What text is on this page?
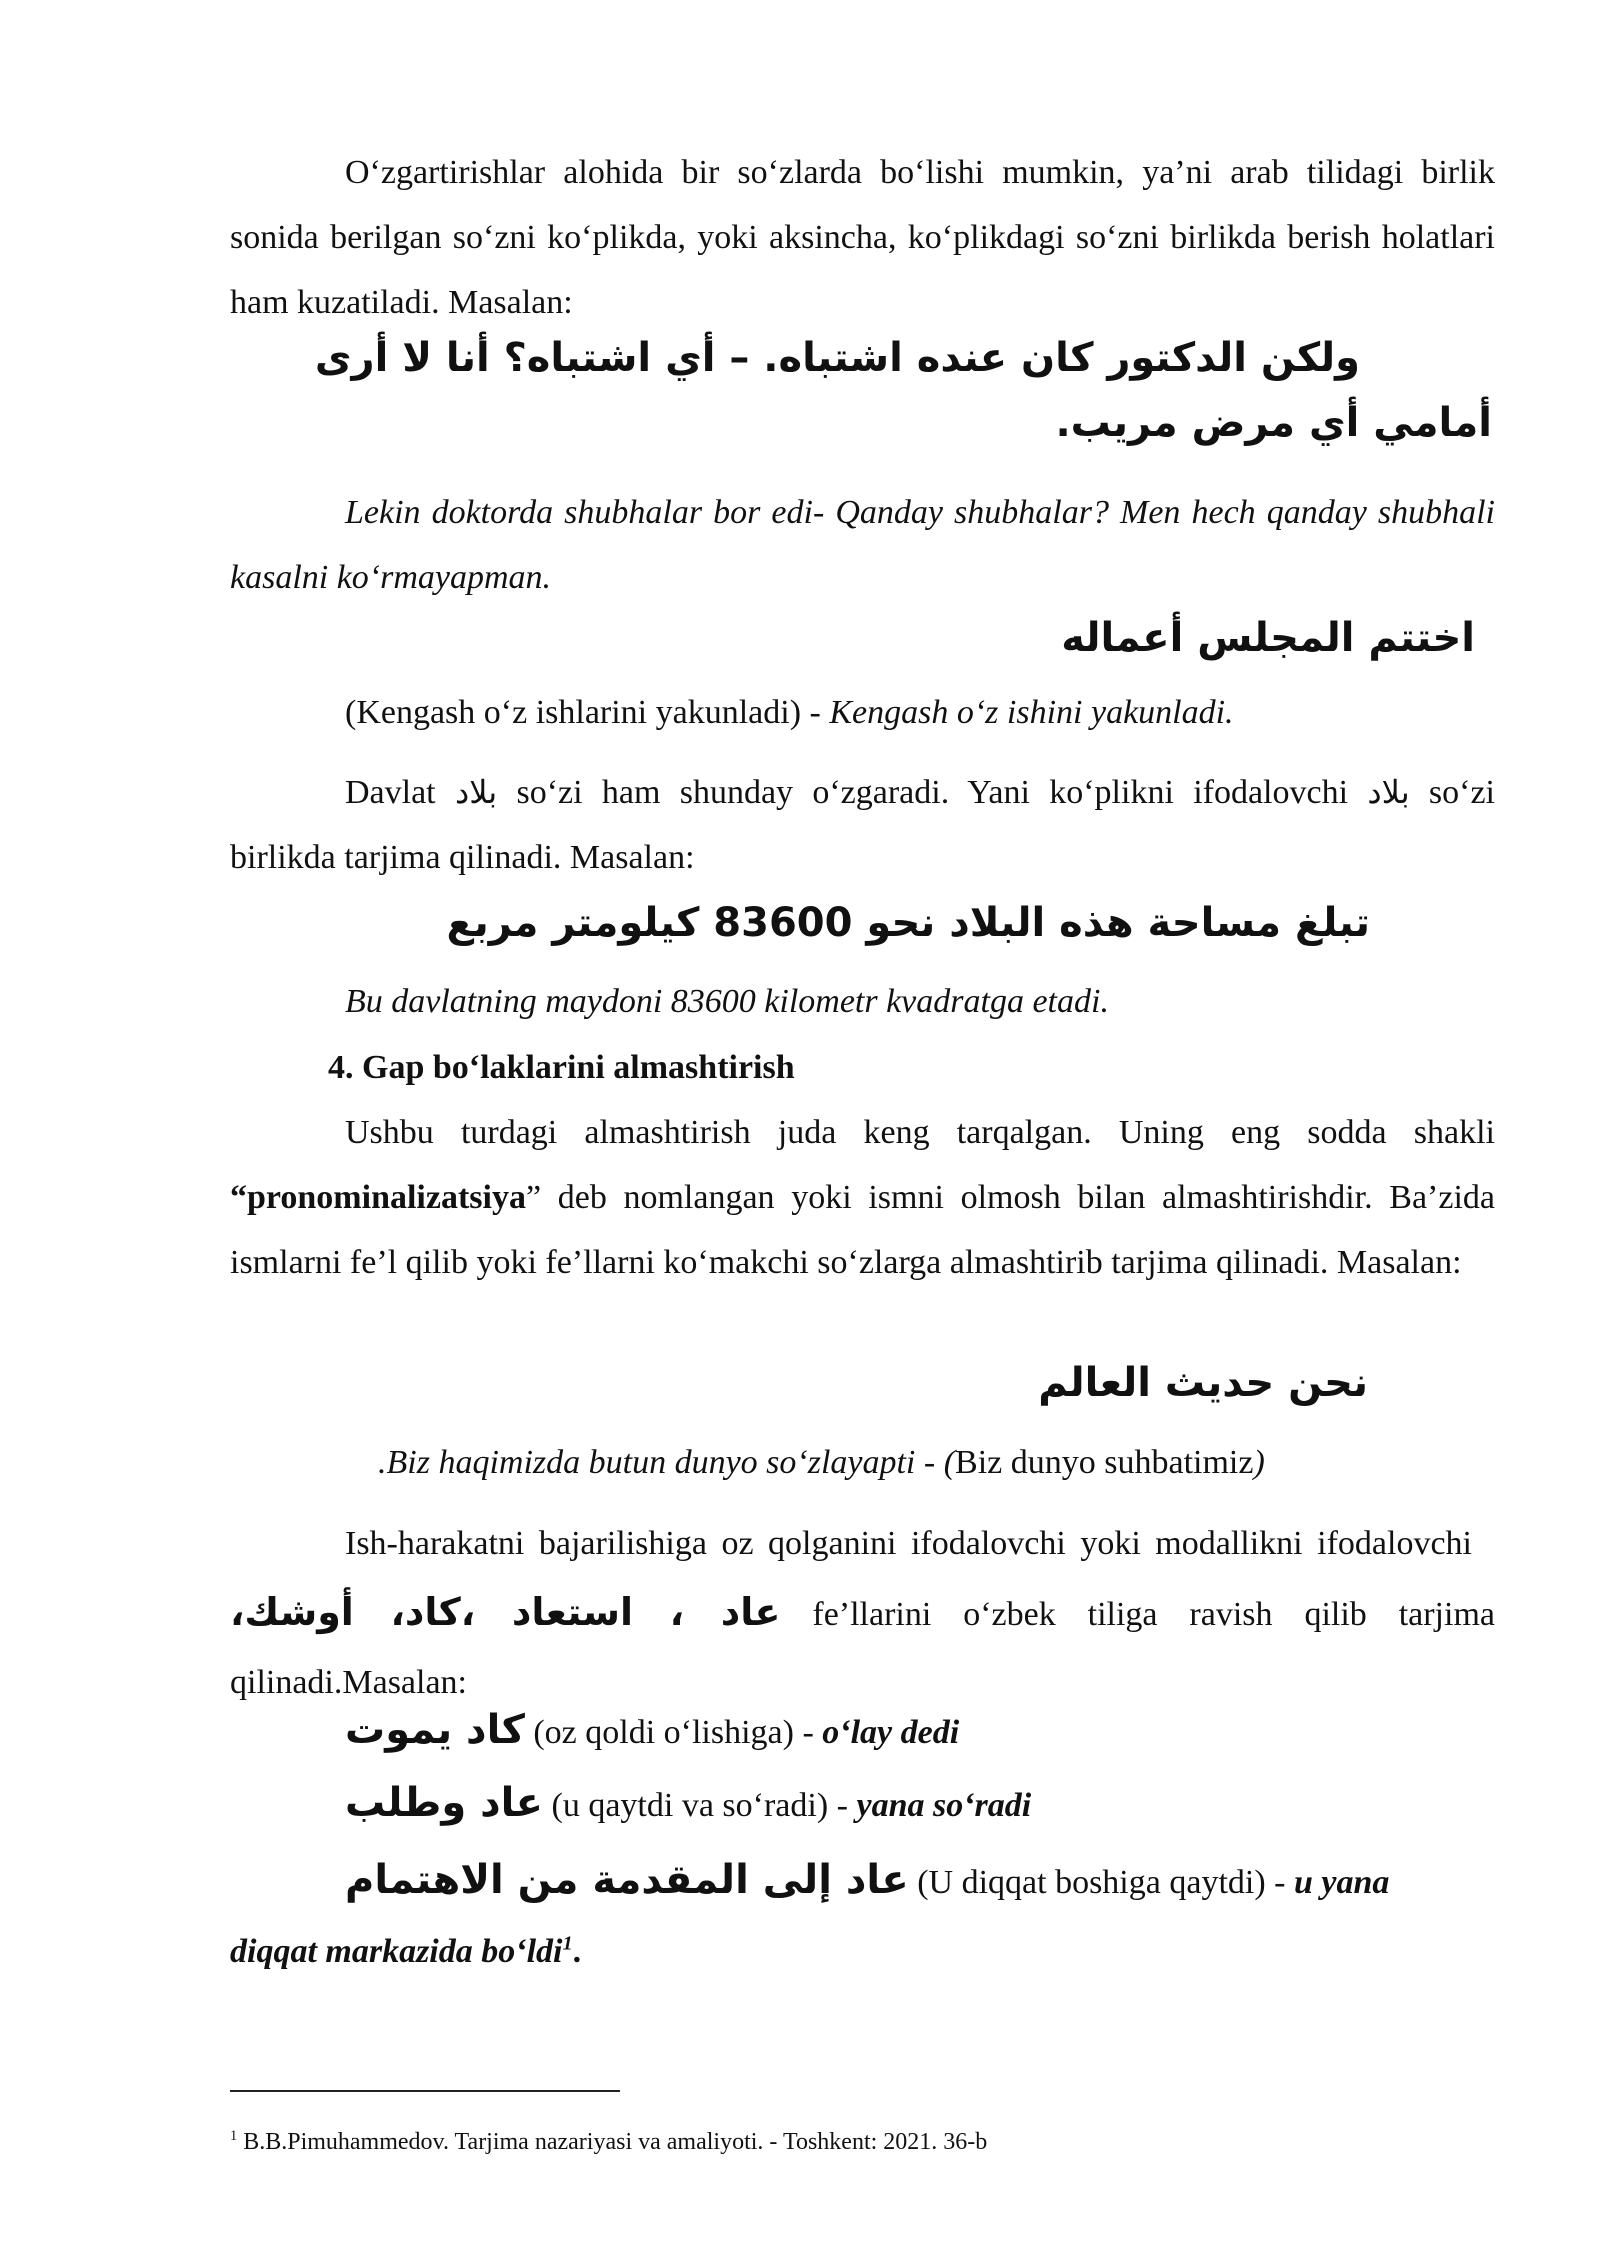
O‘zgartirishlar alohida bir so‘zlarda bo‘lishi mumkin, ya’ni arab tilidagi birlik sonida berilgan so‘zni ko‘plikda, yoki aksincha, ko‘plikdagi so‘zni birlikda berish holatlari ham kuzatiladi. Masalan:

ولكن الدكتور كان عنده اشتباه. – أي اشتباه؟ أنا لا أرى
أمامي أي مرض مريب.

Lekin doktorda shubhalar bor edi- Qanday shubhalar? Men hech qanday shubhali kasalni ko‘rmayapman.

اختتم المجلس أعماله

(Kengash o‘z ishlarini yakunladi) - Kengash o‘z ishini yakunladi.

Davlat بلاد so‘zi ham shunday o‘zgaradi. Yani ko‘plikni ifodalovchi بلاد so‘zi birlikda tarjima qilinadi. Masalan:

تبلغ مساحة هذه البلاد نحو 83600 كيلومتر مربع

Bu davlatning maydoni 83600 kilometr kvadratga etadi.

4. Gap bo‘laklarini almashtirish

Ushbu turdagi almashtirish juda keng tarqalgan. Uning eng sodda shakli “pronominalizatsiya” deb nomlangan yoki ismni olmosh bilan almashtirishdir. Ba’zida ismlarni fe’l qilib yoki fe’llarni ko‘makchi so‘zlarga almashtirib tarjima qilinadi. Masalan:

نحن حديث العالم

.Biz haqimizda butun dunyo so‘zlayapti - (Biz dunyo suhbatimiz)

Ish-harakatni bajarilishiga oz qolganini ifodalovchi yoki modallikni ifodalovchi   عاد ، استعاد ،كاد، أوشك، fe’llarini o‘zbek tiliga ravish qilib tarjima qilinadi.Masalan:

كاد يموت (oz qoldi o‘lishiga) - o‘lay dedi

عاد وطلب (u qaytdi va so‘radi) - yana so‘radi

عاد إلى المقدمة من الاهتمام (U diqqat boshiga qaytdi) - u yana

diqqat markazida bo‘ldi$^1$.

$^1$ B.B.Pimuhammedov. Tarjima nazariyasi va amaliyoti. - Toshkent: 2021. 36-b
